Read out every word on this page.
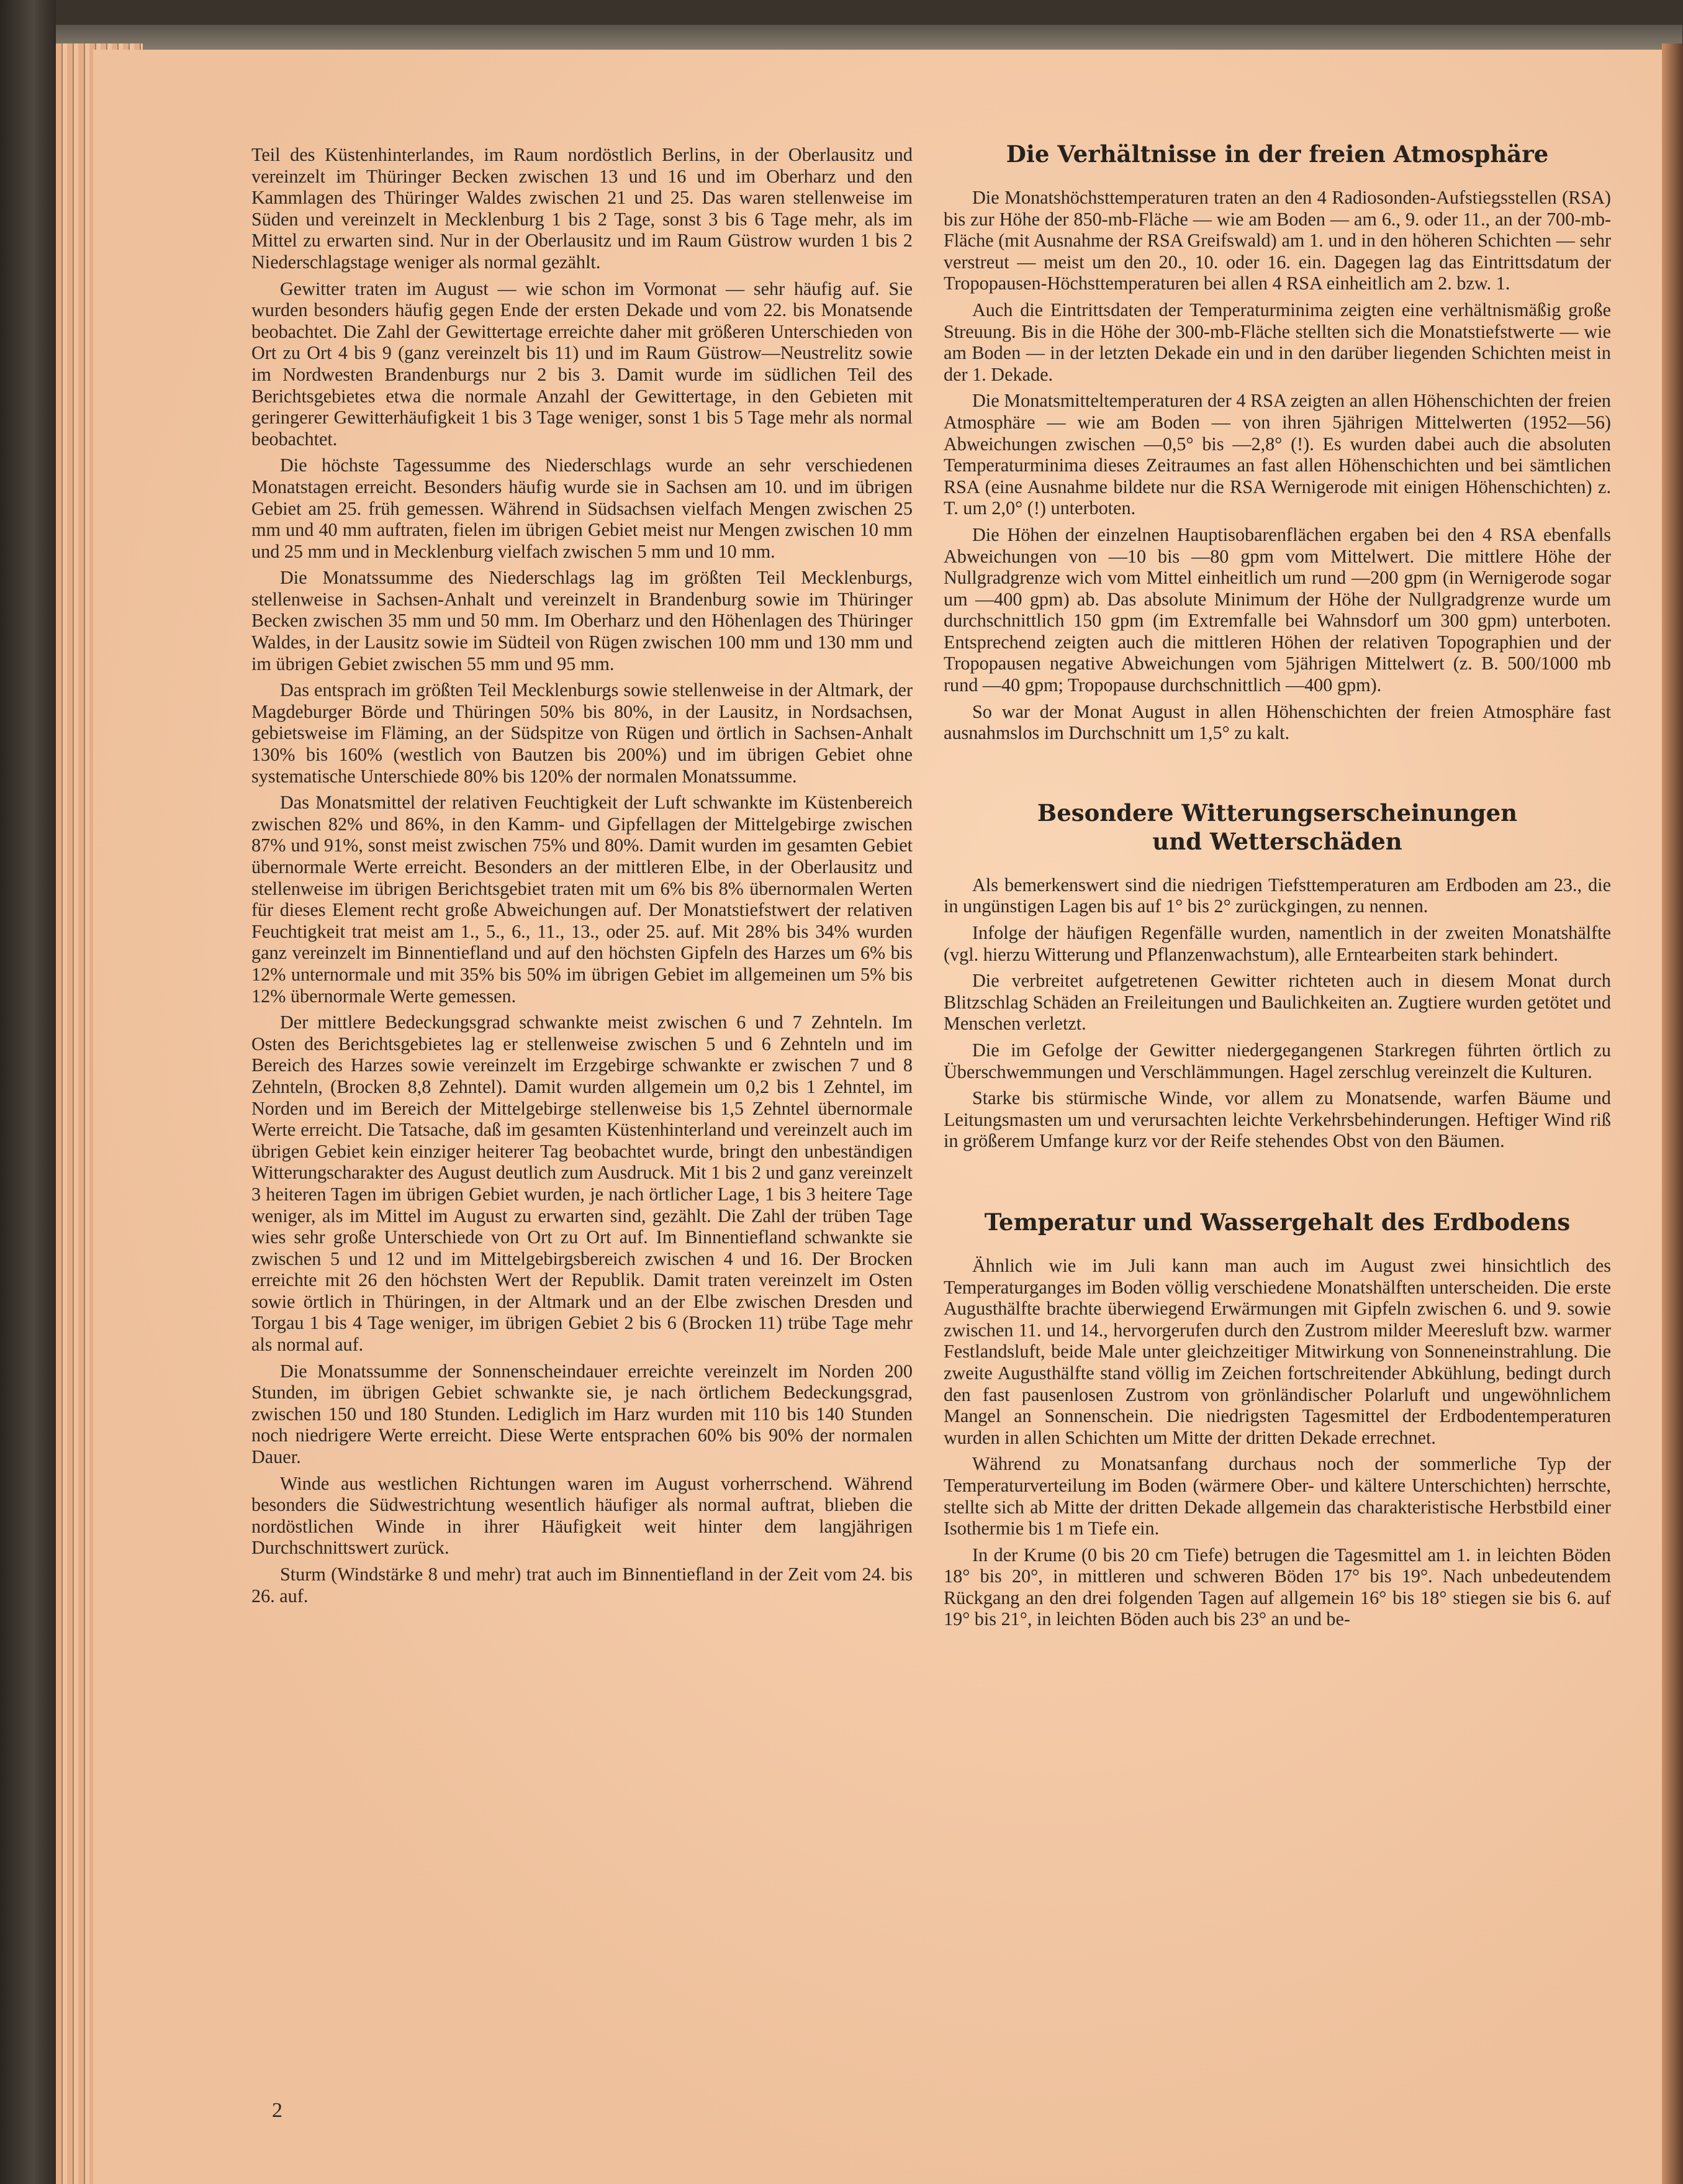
Teil des Küstenhinterlandes, im Raum nordöstlich Berlins, in der Oberlausitz und vereinzelt im Thüringer Becken zwischen 13 und 16 und im Oberharz und den Kammlagen des Thüringer Waldes zwischen 21 und 25. Das waren stellenweise im Süden und vereinzelt in Mecklenburg 1 bis 2 Tage, sonst 3 bis 6 Tage mehr, als im Mittel zu erwarten sind. Nur in der Oberlausitz und im Raum Güstrow wurden 1 bis 2 Niederschlagstage weniger als normal gezählt.

Gewitter traten im August — wie schon im Vormonat — sehr häufig auf. Sie wurden besonders häufig gegen Ende der ersten Dekade und vom 22. bis Monatsende beobachtet. Die Zahl der Gewittertage erreichte daher mit größeren Unterschieden von Ort zu Ort 4 bis 9 (ganz vereinzelt bis 11) und im Raum Güstrow—Neustrelitz sowie im Nordwesten Brandenburgs nur 2 bis 3. Damit wurde im südlichen Teil des Berichtsgebietes etwa die normale Anzahl der Gewittertage, in den Gebieten mit geringerer Gewitterhäufigkeit 1 bis 3 Tage weniger, sonst 1 bis 5 Tage mehr als normal beobachtet.

Die höchste Tagessumme des Niederschlags wurde an sehr verschiedenen Monatstagen erreicht. Besonders häufig wurde sie in Sachsen am 10. und im übrigen Gebiet am 25. früh gemessen. Während in Südsachsen vielfach Mengen zwischen 25 mm und 40 mm auftraten, fielen im übrigen Gebiet meist nur Mengen zwischen 10 mm und 25 mm und in Mecklenburg vielfach zwischen 5 mm und 10 mm.

Die Monatssumme des Niederschlags lag im größten Teil Mecklenburgs, stellenweise in Sachsen-Anhalt und vereinzelt in Brandenburg sowie im Thüringer Becken zwischen 35 mm und 50 mm. Im Oberharz und den Höhenlagen des Thüringer Waldes, in der Lausitz sowie im Südteil von Rügen zwischen 100 mm und 130 mm und im übrigen Gebiet zwischen 55 mm und 95 mm.

Das entsprach im größten Teil Mecklenburgs sowie stellenweise in der Altmark, der Magdeburger Börde und Thüringen 50% bis 80%, in der Lausitz, in Nordsachsen, gebietsweise im Fläming, an der Südspitze von Rügen und örtlich in Sachsen-Anhalt 130% bis 160% (westlich von Bautzen bis 200%) und im übrigen Gebiet ohne systematische Unterschiede 80% bis 120% der normalen Monatssumme.

Das Monatsmittel der relativen Feuchtigkeit der Luft schwankte im Küstenbereich zwischen 82% und 86%, in den Kamm- und Gipfellagen der Mittelgebirge zwischen 87% und 91%, sonst meist zwischen 75% und 80%. Damit wurden im gesamten Gebiet übernormale Werte erreicht. Besonders an der mittleren Elbe, in der Oberlausitz und stellenweise im übrigen Berichtsgebiet traten mit um 6% bis 8% übernormalen Werten für dieses Element recht große Abweichungen auf. Der Monatstiefstwert der relativen Feuchtigkeit trat meist am 1., 5., 6., 11., 13., oder 25. auf. Mit 28% bis 34% wurden ganz vereinzelt im Binnentiefland und auf den höchsten Gipfeln des Harzes um 6% bis 12% unternormale und mit 35% bis 50% im übrigen Gebiet im allgemeinen um 5% bis 12% übernormale Werte gemessen.

Der mittlere Bedeckungsgrad schwankte meist zwischen 6 und 7 Zehnteln. Im Osten des Berichtsgebietes lag er stellenweise zwischen 5 und 6 Zehnteln und im Bereich des Harzes sowie vereinzelt im Erzgebirge schwankte er zwischen 7 und 8 Zehnteln, (Brocken 8,8 Zehntel). Damit wurden allgemein um 0,2 bis 1 Zehntel, im Norden und im Bereich der Mittelgebirge stellenweise bis 1,5 Zehntel übernormale Werte erreicht. Die Tatsache, daß im gesamten Küstenhinterland und vereinzelt auch im übrigen Gebiet kein einziger heiterer Tag beobachtet wurde, bringt den unbeständigen Witterungscharakter des August deutlich zum Ausdruck. Mit 1 bis 2 und ganz vereinzelt 3 heiteren Tagen im übrigen Gebiet wurden, je nach örtlicher Lage, 1 bis 3 heitere Tage weniger, als im Mittel im August zu erwarten sind, gezählt. Die Zahl der trüben Tage wies sehr große Unterschiede von Ort zu Ort auf. Im Binnentiefland schwankte sie zwischen 5 und 12 und im Mittelgebirgsbereich zwischen 4 und 16. Der Brocken erreichte mit 26 den höchsten Wert der Republik. Damit traten vereinzelt im Osten sowie örtlich in Thüringen, in der Altmark und an der Elbe zwischen Dresden und Torgau 1 bis 4 Tage weniger, im übrigen Gebiet 2 bis 6 (Brocken 11) trübe Tage mehr als normal auf.

Die Monatssumme der Sonnenscheindauer erreichte vereinzelt im Norden 200 Stunden, im übrigen Gebiet schwankte sie, je nach örtlichem Bedeckungsgrad, zwischen 150 und 180 Stunden. Lediglich im Harz wurden mit 110 bis 140 Stunden noch niedrigere Werte erreicht. Diese Werte entsprachen 60% bis 90% der normalen Dauer.

Winde aus westlichen Richtungen waren im August vorherrschend. Während besonders die Südwestrichtung wesentlich häufiger als normal auftrat, blieben die nordöstlichen Winde in ihrer Häufigkeit weit hinter dem langjährigen Durchschnittswert zurück.

Sturm (Windstärke 8 und mehr) trat auch im Binnentiefland in der Zeit vom 24. bis 26. auf.

Die Verhältnisse in der freien Atmosphäre

Die Monatshöchsttemperaturen traten an den 4 Radiosonden-Aufstiegsstellen (RSA) bis zur Höhe der 850-mb-Fläche — wie am Boden — am 6., 9. oder 11., an der 700-mb-Fläche (mit Ausnahme der RSA Greifswald) am 1. und in den höheren Schichten — sehr verstreut — meist um den 20., 10. oder 16. ein. Dagegen lag das Eintrittsdatum der Tropopausen-Höchsttemperaturen bei allen 4 RSA einheitlich am 2. bzw. 1.

Auch die Eintrittsdaten der Temperaturminima zeigten eine verhältnismäßig große Streuung. Bis in die Höhe der 300-mb-Fläche stellten sich die Monatstiefstwerte — wie am Boden — in der letzten Dekade ein und in den darüber liegenden Schichten meist in der 1. Dekade.

Die Monatsmitteltemperaturen der 4 RSA zeigten an allen Höhenschichten der freien Atmosphäre — wie am Boden — von ihren 5jährigen Mittelwerten (1952—56) Abweichungen zwischen —0,5° bis —2,8° (!). Es wurden dabei auch die absoluten Temperaturminima dieses Zeitraumes an fast allen Höhenschichten und bei sämtlichen RSA (eine Ausnahme bildete nur die RSA Wernigerode mit einigen Höhenschichten) z. T. um 2,0° (!) unterboten.

Die Höhen der einzelnen Hauptisobarenflächen ergaben bei den 4 RSA ebenfalls Abweichungen von —10 bis —80 gpm vom Mittelwert. Die mittlere Höhe der Nullgradgrenze wich vom Mittel einheitlich um rund —200 gpm (in Wernigerode sogar um —400 gpm) ab. Das absolute Minimum der Höhe der Nullgradgrenze wurde um durchschnittlich 150 gpm (im Extremfalle bei Wahnsdorf um 300 gpm) unterboten. Entsprechend zeigten auch die mittleren Höhen der relativen Topographien und der Tropopausen negative Abweichungen vom 5jährigen Mittelwert (z. B. 500/1000 mb rund —40 gpm; Tropopause durchschnittlich —400 gpm).

So war der Monat August in allen Höhenschichten der freien Atmosphäre fast ausnahmslos im Durchschnitt um 1,5° zu kalt.

Besondere Witterungserscheinungen
und Wetterschäden

Als bemerkenswert sind die niedrigen Tiefsttemperaturen am Erdboden am 23., die in ungünstigen Lagen bis auf 1° bis 2° zurückgingen, zu nennen.

Infolge der häufigen Regenfälle wurden, namentlich in der zweiten Monatshälfte (vgl. hierzu Witterung und Pflanzenwachstum), alle Erntearbeiten stark behindert.

Die verbreitet aufgetretenen Gewitter richteten auch in diesem Monat durch Blitzschlag Schäden an Freileitungen und Baulichkeiten an. Zugtiere wurden getötet und Menschen verletzt.

Die im Gefolge der Gewitter niedergegangenen Starkregen führten örtlich zu Überschwemmungen und Verschlämmungen. Hagel zerschlug vereinzelt die Kulturen.

Starke bis stürmische Winde, vor allem zu Monatsende, warfen Bäume und Leitungsmasten um und verursachten leichte Verkehrsbehinderungen. Heftiger Wind riß in größerem Umfange kurz vor der Reife stehendes Obst von den Bäumen.

Temperatur und Wassergehalt des Erdbodens

Ähnlich wie im Juli kann man auch im August zwei hinsichtlich des Temperaturganges im Boden völlig verschiedene Monatshälften unterscheiden. Die erste Augusthälfte brachte überwiegend Erwärmungen mit Gipfeln zwischen 6. und 9. sowie zwischen 11. und 14., hervorgerufen durch den Zustrom milder Meeresluft bzw. warmer Festlandsluft, beide Male unter gleichzeitiger Mitwirkung von Sonneneinstrahlung. Die zweite Augusthälfte stand völlig im Zeichen fortschreitender Abkühlung, bedingt durch den fast pausenlosen Zustrom von grönländischer Polarluft und ungewöhnlichem Mangel an Sonnenschein. Die niedrigsten Tagesmittel der Erdbodentemperaturen wurden in allen Schichten um Mitte der dritten Dekade errechnet.

Während zu Monatsanfang durchaus noch der sommerliche Typ der Temperaturverteilung im Boden (wärmere Ober- und kältere Unterschichten) herrschte, stellte sich ab Mitte der dritten Dekade allgemein das charakteristische Herbstbild einer Isothermie bis 1 m Tiefe ein.

In der Krume (0 bis 20 cm Tiefe) betrugen die Tagesmittel am 1. in leichten Böden 18° bis 20°, in mittleren und schweren Böden 17° bis 19°. Nach unbedeutendem Rückgang an den drei folgenden Tagen auf allgemein 16° bis 18° stiegen sie bis 6. auf 19° bis 21°, in leichten Böden auch bis 23° an und be-

2
